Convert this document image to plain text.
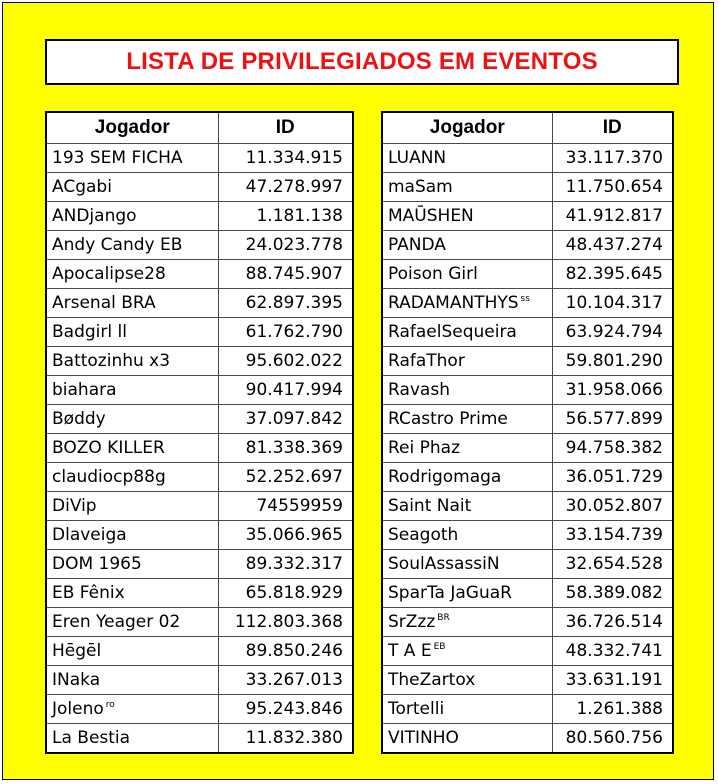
LISTA DE PRIVILEGIADOS EM EVENTOS
Jogador	ID
193 SEM FICHA	11.334.915
ACgabi	47.278.997
ANDjango	1.181.138
Andy Candy EB	24.023.778
Apocalipse28	88.745.907
Arsenal BRA	62.897.395
Badgirl ll	61.762.790
Battozinhu x3	95.602.022
biahara	90.417.994
Bøddy	37.097.842
BOZO KILLER	81.338.369
claudiocp88g	52.252.697
DiVip	74559959
Dlaveiga	35.066.965
DOM 1965	89.332.317
EB Fênix	65.818.929
Eren Yeager 02	112.803.368
Hēgēl	89.850.246
INaka	33.267.013
Joleno $^{ro}$	95.243.846
La Bestia	11.832.380
Jogador	ID
LUANN	33.117.370
maSam	11.750.654
MAŪSHEN	41.912.817
PANDA	48.437.274
Poison Girl	82.395.645
RADAMANTHYS $^{ss}$	10.104.317
RafaelSequeira	63.924.794
RafaThor	59.801.290
Ravash	31.958.066
RCastro Prime	56.577.899
Rei Phaz	94.758.382
Rodrigomaga	36.051.729
Saint Nait	30.052.807
Seagoth	33.154.739
SoulAssassiN	32.654.528
SparTa JaGuaR	58.389.082
SrZzz $^{BR}$	36.726.514
T A E $^{EB}$	48.332.741
TheZartox	33.631.191
Tortelli	1.261.388
VITINHO	80.560.756
